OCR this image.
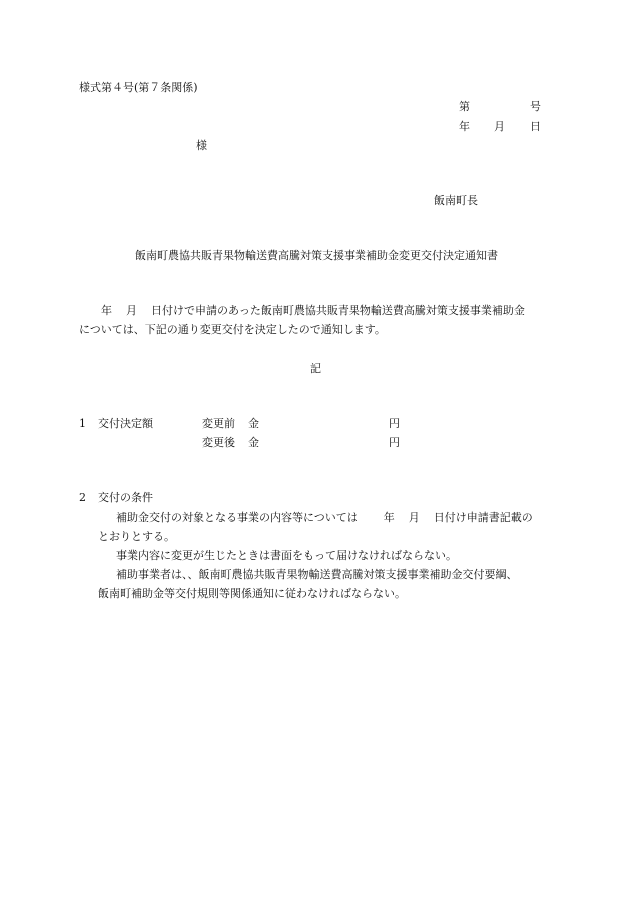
様式第４号(第７条関係)
第	号
年 月 日
様
飯南町長
飯南町農協共販青果物輸送費高騰対策支援事業補助金変更交付決定通知書
年 月 日付けで申請のあった飯南町農協共販青果物輸送費高騰対策支援事業補助金
については、下記の通り変更交付を決定したので通知します。
記
1 交付決定額	変更前 金	円
変更後 金	円
2 交付の条件
補助金交付の対象となる事業の内容等については 年 月 日付け申請書記載の
とおりとする。
事業内容に変更が生じたときは書面をもって届けなければならない。
補助事業者は、、飯南町農協共販青果物輸送費高騰対策支援事業補助金交付要綱、
飯南町補助金等交付規則等関係通知に従わなければならない。
